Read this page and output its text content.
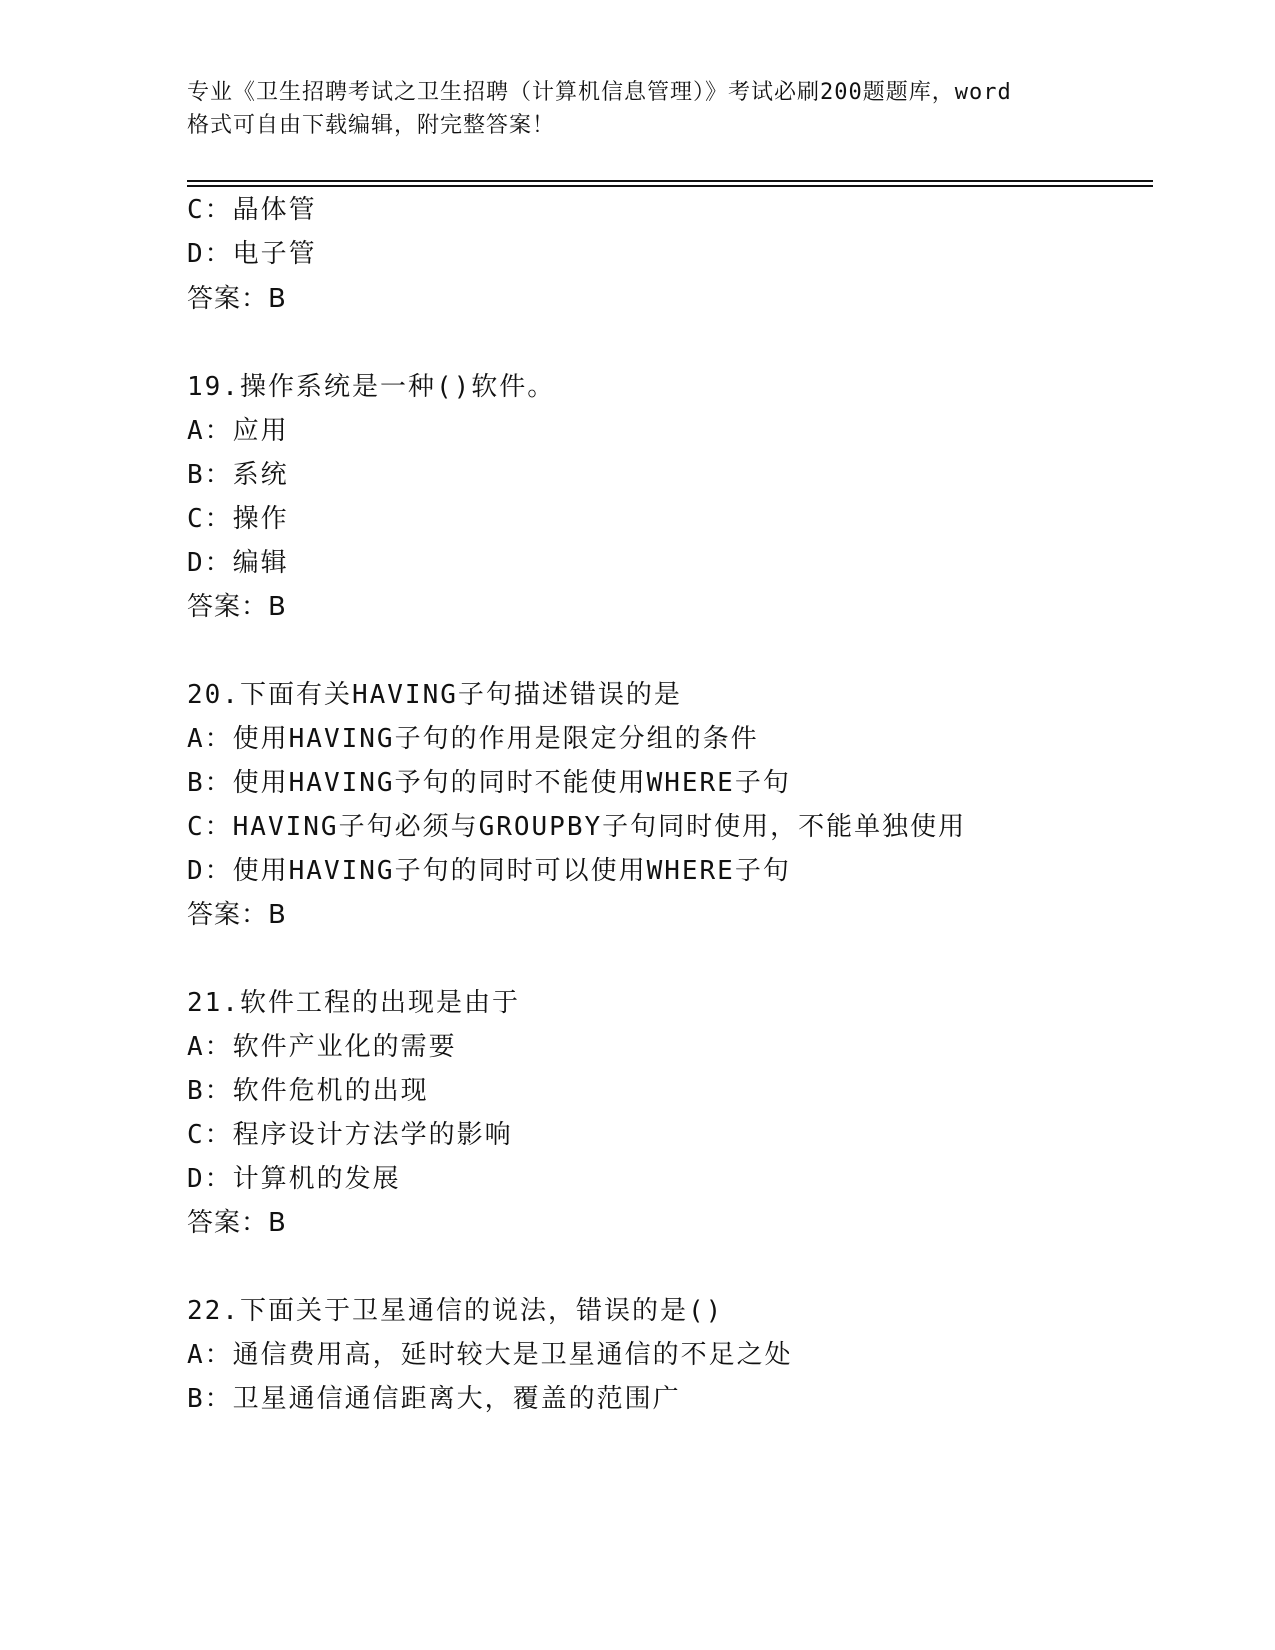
专业《卫生招聘考试之卫生招聘（计算机信息管理）》考试必刷200题题库，word
格式可自由下载编辑，附完整答案！
C：晶体管
D：电子管
答案：B
19.操作系统是一种()软件。
A：应用
B：系统
C：操作
D：编辑
答案：B
20.下面有关HAVING子句描述错误的是
A：使用HAVING子句的作用是限定分组的条件
B：使用HAVING予句的同时不能使用WHERE子句
C：HAVING子句必须与GROUPBY子句同时使用，不能单独使用
D：使用HAVING子句的同时可以使用WHERE子句
答案：B
21.软件工程的出现是由于
A：软件产业化的需要
B：软件危机的出现
C：程序设计方法学的影响
D：计算机的发展
答案：B
22.下面关于卫星通信的说法，错误的是()
A：通信费用高，延时较大是卫星通信的不足之处
B：卫星通信通信距离大，覆盖的范围广
